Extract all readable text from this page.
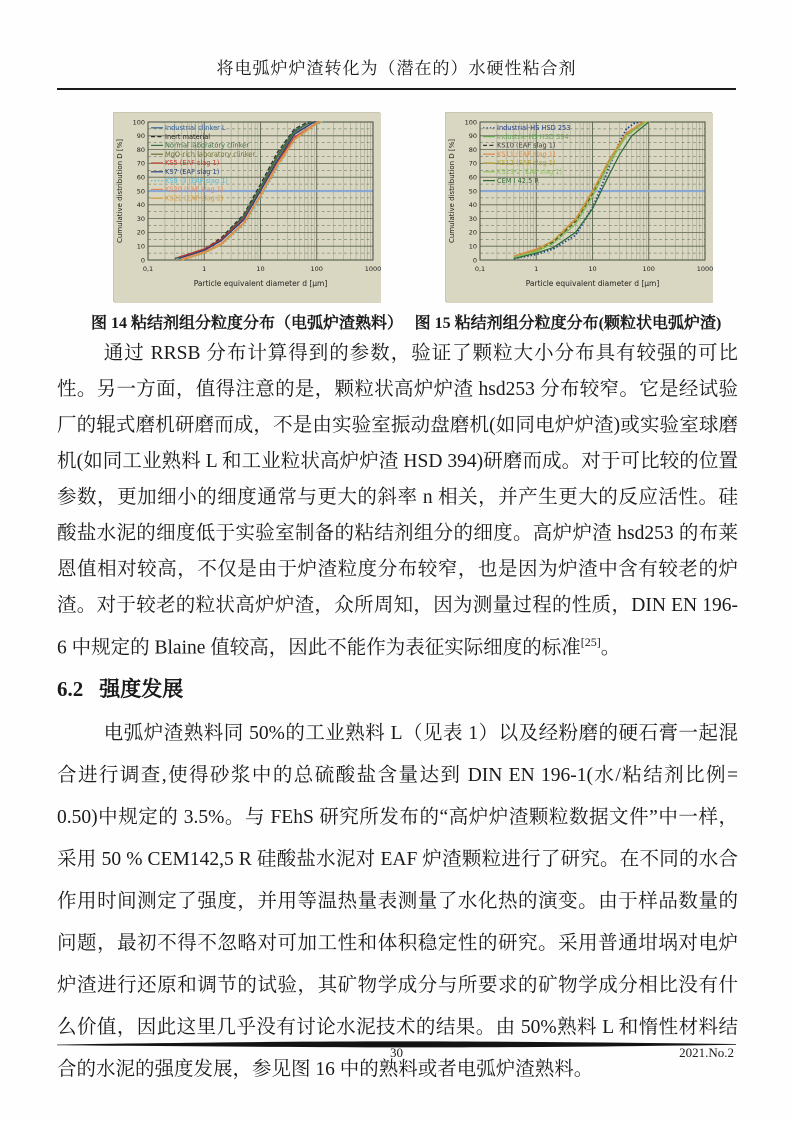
将电弧炉炉渣转化为（潜在的）水硬性粘合剂
0
10
20
30
40
50
60
70
80
90
100
0,1	1	10	100	1000
Particle equivalent diameter d [µm]
Cumulative distribution D [%]
Industrial clinker L
Inert material
Normal laboratory clinker
MgO-rich laboratory clinker
KS5 (EAF slag 1)
KS7 (EAF slag 1)
KS9 -3 (EAF slag 1)
KS20 (EAF slag 1)
KS21 (EAF slag 2)
0
10
20
30
40
50
60
70
80
90
100
0,1	1	10	100	1000
Particle equivalent diameter d [µm]
Cumulative distribution D [%]
Industrial-HS HSD 253
Industrie-HS HSD 394
KS10 (EAF slag 1)
KS11 (EAF slag 1)
KS12 (EAF slag 1)
KS13-2 (EAF slag 1)
CEM I 42.5 R
图 14 粘结剂组分粒度分布（电弧炉渣熟料） 图 15 粘结剂组分粒度分布(颗粒状电弧炉渣)

通过 RRSB 分布计算得到的参数，验证了颗粒大小分布具有较强的可比性。另一方面，值得注意的是，颗粒状高炉炉渣 hsd253 分布较窄。它是经试验厂的辊式磨机研磨而成，不是由实验室振动盘磨机(如同电炉炉渣)或实验室球磨机(如同工业熟料 L 和工业粒状高炉炉渣 HSD 394)研磨而成。对于可比较的位置参数，更加细小的细度通常与更大的斜率 n 相关，并产生更大的反应活性。硅酸盐水泥的细度低于实验室制备的粘结剂组分的细度。高炉炉渣 hsd253 的布莱恩值相对较高，不仅是由于炉渣粒度分布较窄，也是因为炉渣中含有较老的炉渣。对于较老的粒状高炉炉渣，众所周知，因为测量过程的性质，DIN EN 196-6 中规定的 Blaine 值较高，因此不能作为表征实际细度的标准[25]。

6.2 强度发展

电弧炉渣熟料同 50%的工业熟料 L（见表 1）以及经粉磨的硬石膏一起混合进行调查,使得砂浆中的总硫酸盐含量达到 DIN EN 196-1(水/粘结剂比例= 0.50)中规定的 3.5%。与 FEhS 研究所发布的“高炉炉渣颗粒数据文件”中一样，采用 50 % CEM142,5 R 硅酸盐水泥对 EAF 炉渣颗粒进行了研究。在不同的水合作用时间测定了强度，并用等温热量表测量了水化热的演变。由于样品数量的问题，最初不得不忽略对可加工性和体积稳定性的研究。采用普通坩埚对电炉炉渣进行还原和调节的试验，其矿物学成分与所要求的矿物学成分相比没有什么价值，因此这里几乎没有讨论水泥技术的结果。由 50%熟料 L 和惰性材料结合的水泥的强度发展，参见图 16 中的熟料或者电弧炉渣熟料。

30	2021.No.2
